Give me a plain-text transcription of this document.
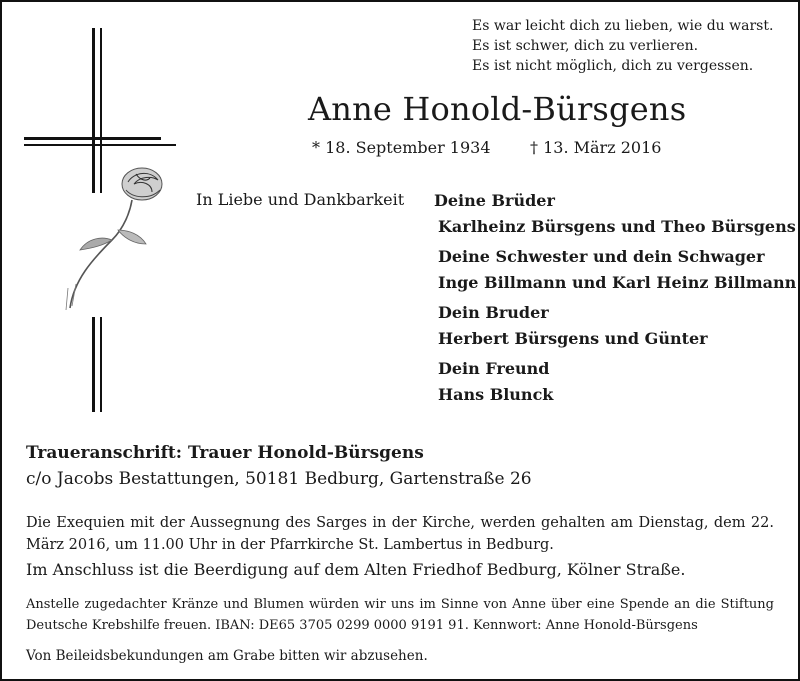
Es war leicht dich zu lieben, wie du warst.
Es ist schwer, dich zu verlieren.
Es ist nicht möglich, dich zu vergessen.
Anne Honold-Bürsgens
* 18. September 1934 † 13. März 2016
In Liebe und Dankbarkeit Deine Brüder
Karlheinz Bürsgens und Theo Bürsgens
Deine Schwester und dein Schwager
Inge Billmann und Karl Heinz Billmann
Dein Bruder
Herbert Bürsgens und Günter
Dein Freund
Hans Blunck
Traueranschrift: Trauer Honold-Bürsgens
c/o Jacobs Bestattungen, 50181 Bedburg, Gartenstraße 26
Die Exequien mit der Aussegnung des Sarges in der Kirche, werden gehalten am Dienstag, dem 22. März 2016, um 11.00 Uhr in der Pfarrkirche St. Lambertus in Bedburg.
Im Anschluss ist die Beerdigung auf dem Alten Friedhof Bedburg, Kölner Straße.
Anstelle zugedachter Kränze und Blumen würden wir uns im Sinne von Anne über eine Spende an die Stiftung Deutsche Krebshilfe freuen. IBAN: DE65 3705 0299 0000 9191 91. Kennwort: Anne Honold-Bürsgens
Von Beileidsbekundungen am Grabe bitten wir abzusehen.
